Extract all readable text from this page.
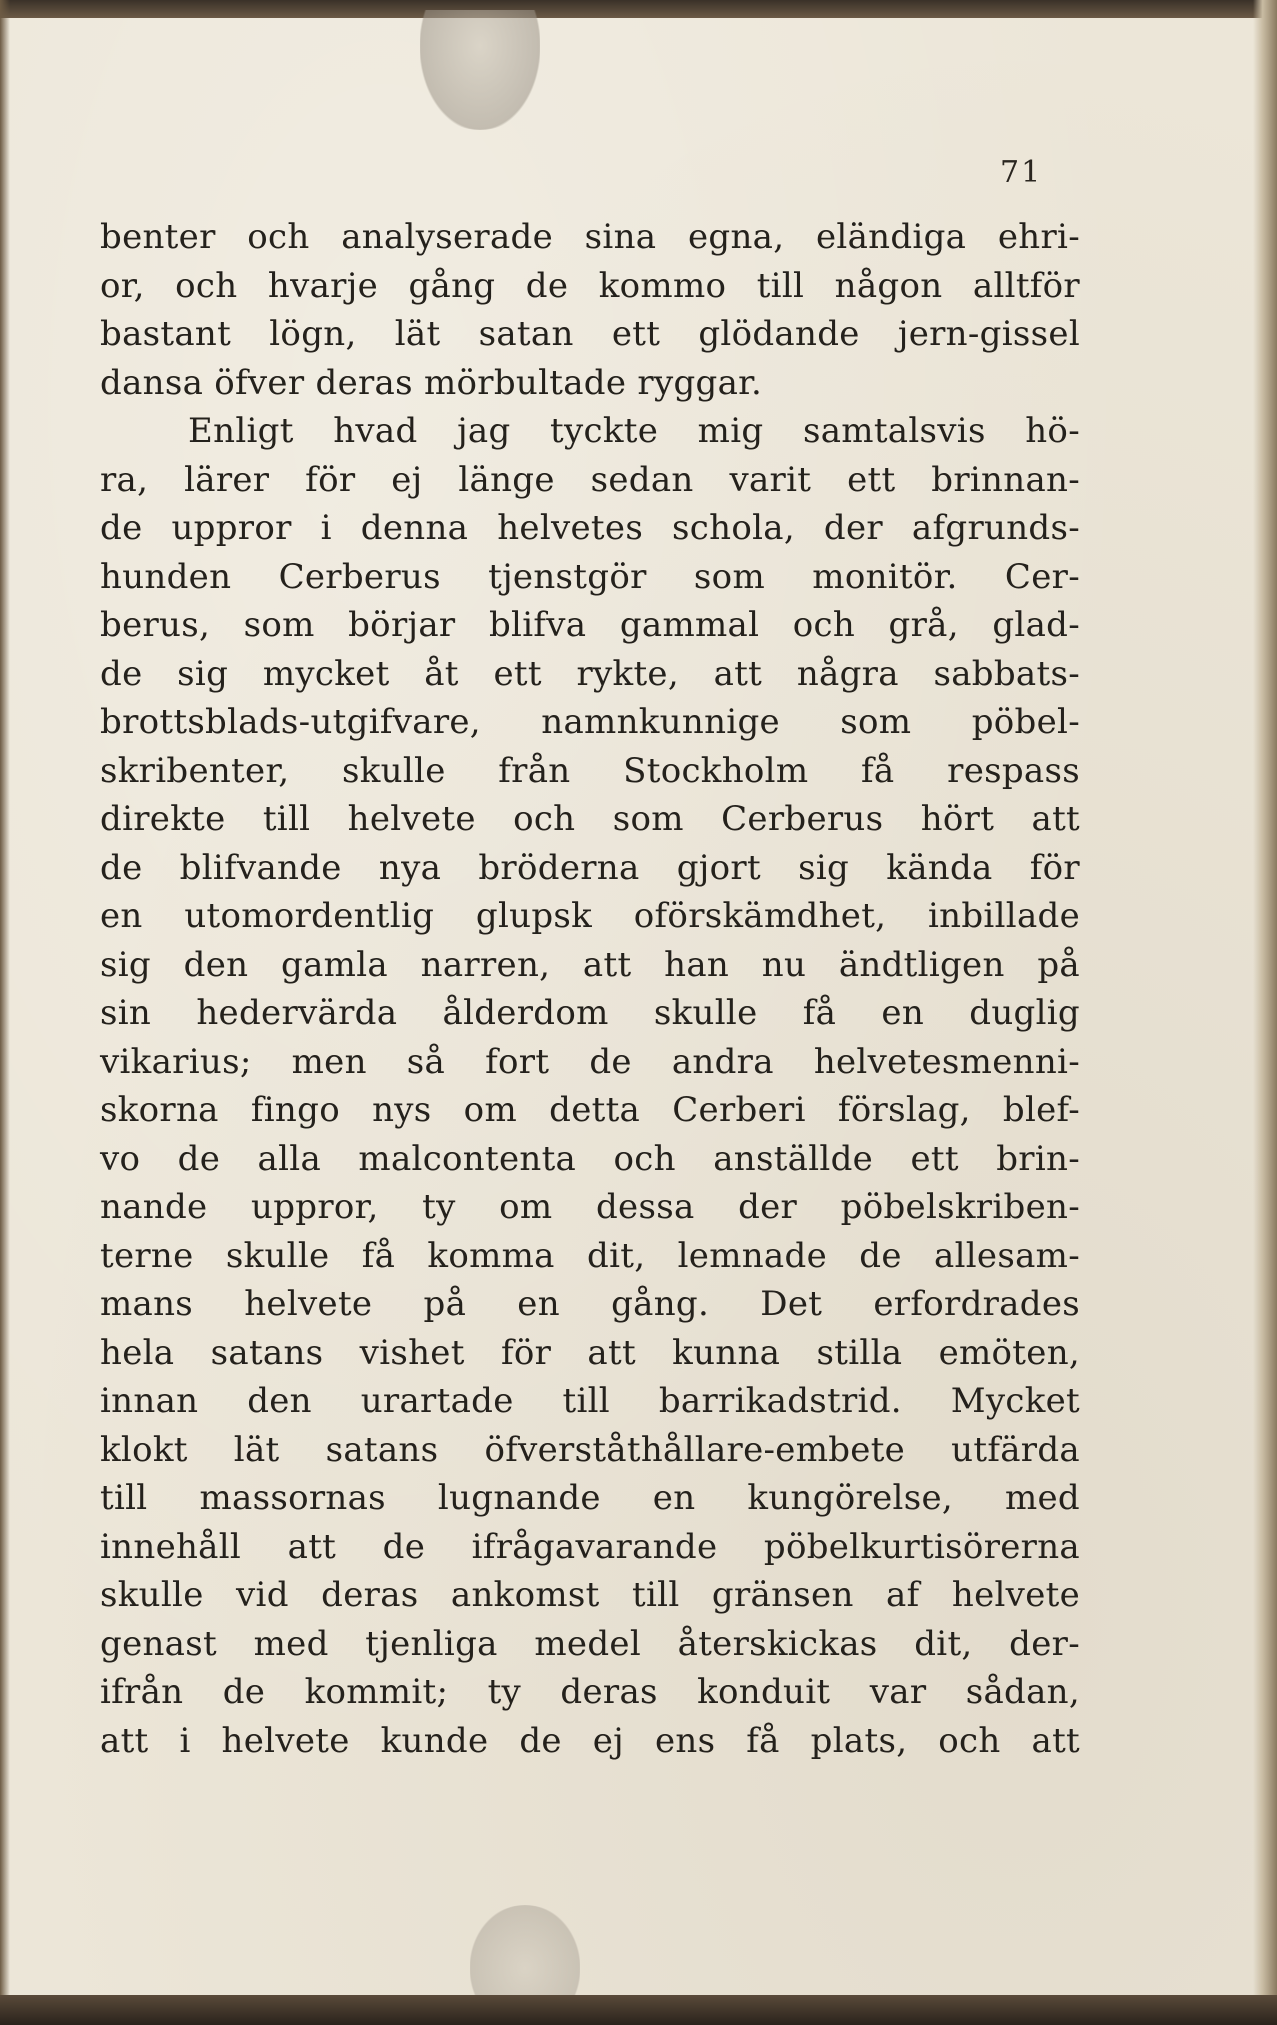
71
benter och analyserade sina egna, eländiga ehri-
or, och hvarje gång de kommo till någon alltför
bastant lögn, lät satan ett glödande jern-gissel
dansa öfver deras mörbultade ryggar.
Enligt hvad jag tyckte mig samtalsvis hö-
ra, lärer för ej länge sedan varit ett brinnan-
de uppror i denna helvetes schola, der afgrunds-
hunden Cerberus tjenstgör som monitör. Cer-
berus, som börjar blifva gammal och grå, glad-
de sig mycket åt ett rykte, att några sabbats-
brottsblads-utgifvare, namnkunnige som pöbel-
skribenter, skulle från Stockholm få respass
direkte till helvete och som Cerberus hört att
de blifvande nya bröderna gjort sig kända för
en utomordentlig glupsk oförskämdhet, inbillade
sig den gamla narren, att han nu ändtligen på
sin hedervärda ålderdom skulle få en duglig
vikarius; men så fort de andra helvetesmenni-
skorna fingo nys om detta Cerberi förslag, blef-
vo de alla malcontenta och anställde ett brin-
nande uppror, ty om dessa der pöbelskriben-
terne skulle få komma dit, lemnade de allesam-
mans helvete på en gång. Det erfordrades
hela satans vishet för att kunna stilla emöten,
innan den urartade till barrikadstrid. Mycket
klokt lät satans öfverståthållare-embete utfärda
till massornas lugnande en kungörelse, med
innehåll att de ifrågavarande pöbelkurtisörerna
skulle vid deras ankomst till gränsen af helvete
genast med tjenliga medel återskickas dit, der-
ifrån de kommit; ty deras konduit var sådan,
att i helvete kunde de ej ens få plats, och att
